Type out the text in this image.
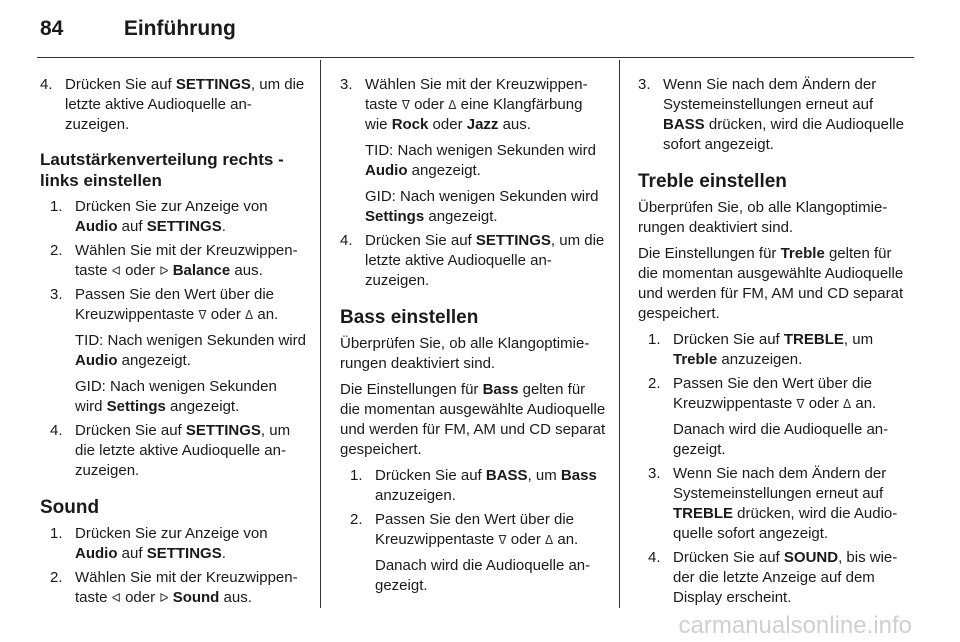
84	Einführung
4. Drücken Sie auf SETTINGS, um die letzte aktive Audioquelle anzuzeigen.
Lautstärkenverteilung rechts - links einstellen
1. Drücken Sie zur Anzeige von Audio auf SETTINGS.
2. Wählen Sie mit der Kreuzwippentaste ᐊ oder ᐅ Balance aus.
3. Passen Sie den Wert über die Kreuzwippentaste ᐁ oder ᐃ an.
TID: Nach wenigen Sekunden wird Audio angezeigt.
GID: Nach wenigen Sekunden wird Settings angezeigt.
4. Drücken Sie auf SETTINGS, um die letzte aktive Audioquelle anzuzeigen.
Sound
1. Drücken Sie zur Anzeige von Audio auf SETTINGS.
2. Wählen Sie mit der Kreuzwippentaste ᐊ oder ᐅ Sound aus.
3. Wählen Sie mit der Kreuzwippentaste ᐁ oder ᐃ eine Klangfärbung wie Rock oder Jazz aus.
TID: Nach wenigen Sekunden wird Audio angezeigt.
GID: Nach wenigen Sekunden wird Settings angezeigt.
4. Drücken Sie auf SETTINGS, um die letzte aktive Audioquelle anzuzeigen.
Bass einstellen
Überprüfen Sie, ob alle Klangoptimierungen deaktiviert sind.
Die Einstellungen für Bass gelten für die momentan ausgewählte Audioquelle und werden für FM, AM und CD separat gespeichert.
1. Drücken Sie auf BASS, um Bass anzuzeigen.
2. Passen Sie den Wert über die Kreuzwippentaste ᐁ oder ᐃ an.
Danach wird die Audioquelle angezeigt.
3. Wenn Sie nach dem Ändern der Systemeinstellungen erneut auf BASS drücken, wird die Audioquelle sofort angezeigt.
Treble einstellen
Überprüfen Sie, ob alle Klangoptimierungen deaktiviert sind.
Die Einstellungen für Treble gelten für die momentan ausgewählte Audioquelle und werden für FM, AM und CD separat gespeichert.
1. Drücken Sie auf TREBLE, um Treble anzuzeigen.
2. Passen Sie den Wert über die Kreuzwippentaste ᐁ oder ᐃ an.
Danach wird die Audioquelle angezeigt.
3. Wenn Sie nach dem Ändern der Systemeinstellungen erneut auf TREBLE drücken, wird die Audioquelle sofort angezeigt.
4. Drücken Sie auf SOUND, bis wieder die letzte Anzeige auf dem Display erscheint.
carmanualsonline.info
